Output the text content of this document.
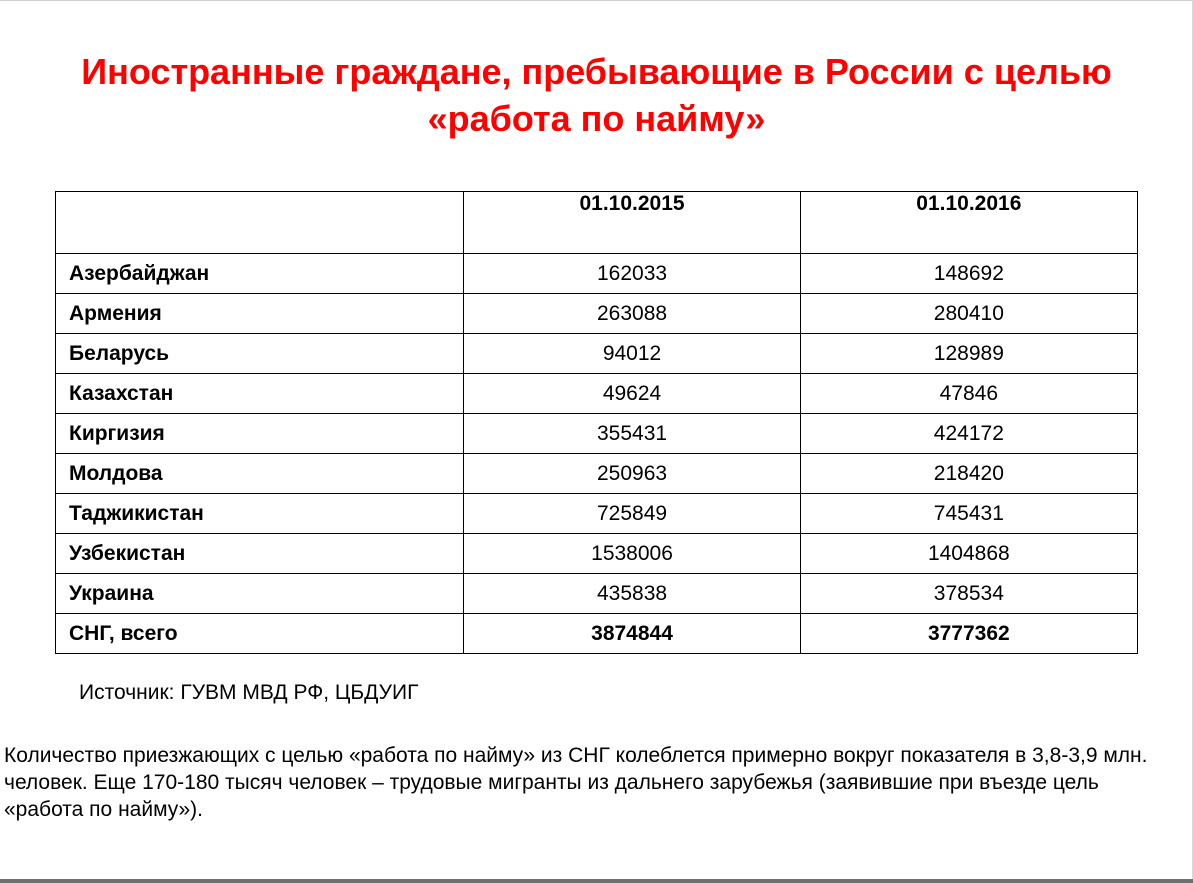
Иностранные граждане, пребывающие в России с целью «работа по найму»
	01.10.2015	01.10.2016
Азербайджан	162033	148692
Армения	263088	280410
Беларусь	94012	128989
Казахстан	49624	47846
Киргизия	355431	424172
Молдова	250963	218420
Таджикистан	725849	745431
Узбекистан	1538006	1404868
Украина	435838	378534
СНГ, всего	3874844	3777362

Источник: ГУВМ МВД РФ, ЦБДУИГ

Количество приезжающих с целью «работа по найму» из СНГ колеблется примерно вокруг показателя в 3,8-3,9 млн. человек. Еще 170-180 тысяч человек – трудовые мигранты из дальнего зарубежья (заявившие при въезде цель «работа по найму»).
